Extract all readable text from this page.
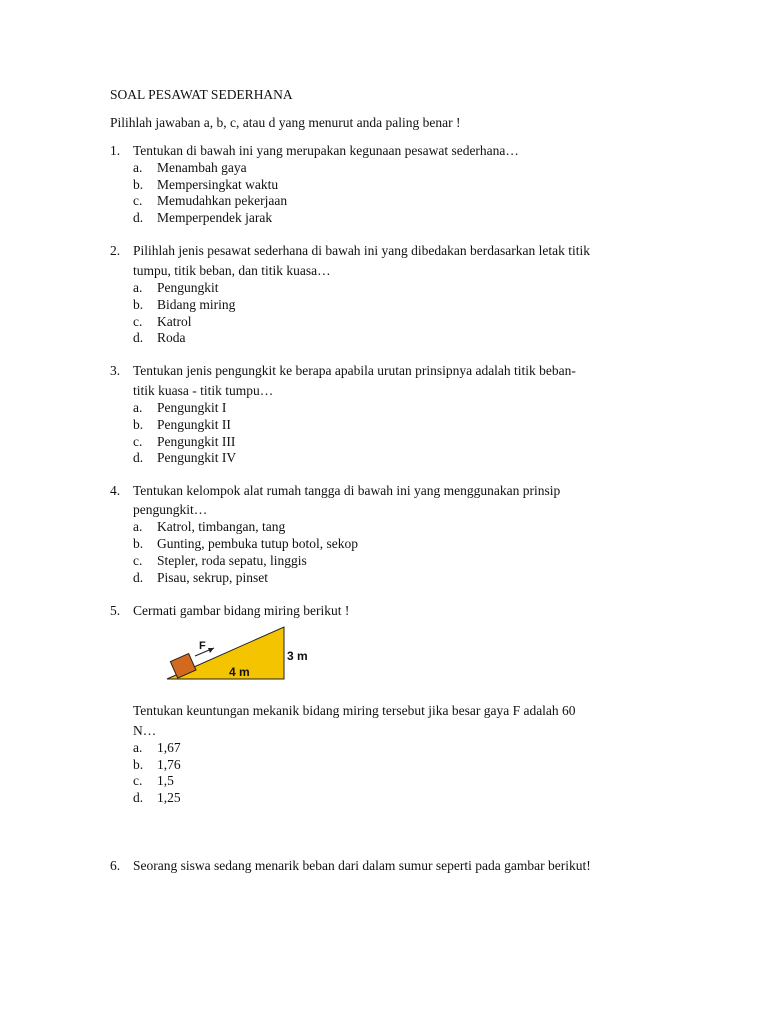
SOAL PESAWAT SEDERHANA
Pilihlah jawaban a, b, c, atau d yang menurut anda paling benar !
1. Tentukan di bawah ini yang merupakan kegunaan pesawat sederhana…
a. Menambah gaya
b. Mempersingkat waktu
c. Memudahkan pekerjaan
d. Memperpendek jarak
2. Pilihlah jenis pesawat sederhana di bawah ini yang dibedakan berdasarkan letak titik
tumpu, titik beban, dan titik kuasa…
a. Pengungkit
b. Bidang miring
c. Katrol
d. Roda
3. Tentukan jenis pengungkit ke berapa apabila urutan prinsipnya adalah titik beban-
titik kuasa - titik tumpu…
a. Pengungkit I
b. Pengungkit II
c. Pengungkit III
d. Pengungkit IV
4. Tentukan kelompok alat rumah tangga di bawah ini yang menggunakan prinsip
pengungkit…
a. Katrol, timbangan, tang
b. Gunting, pembuka tutup botol, sekop
c. Stepler, roda sepatu, linggis
d. Pisau, sekrup, pinset
5. Cermati gambar bidang miring berikut !
F
4 m
3 m
Tentukan keuntungan mekanik bidang miring tersebut jika besar gaya F adalah 60
N…
a. 1,67
b. 1,76
c. 1,5
d. 1,25
6. Seorang siswa sedang menarik beban dari dalam sumur seperti pada gambar berikut!
